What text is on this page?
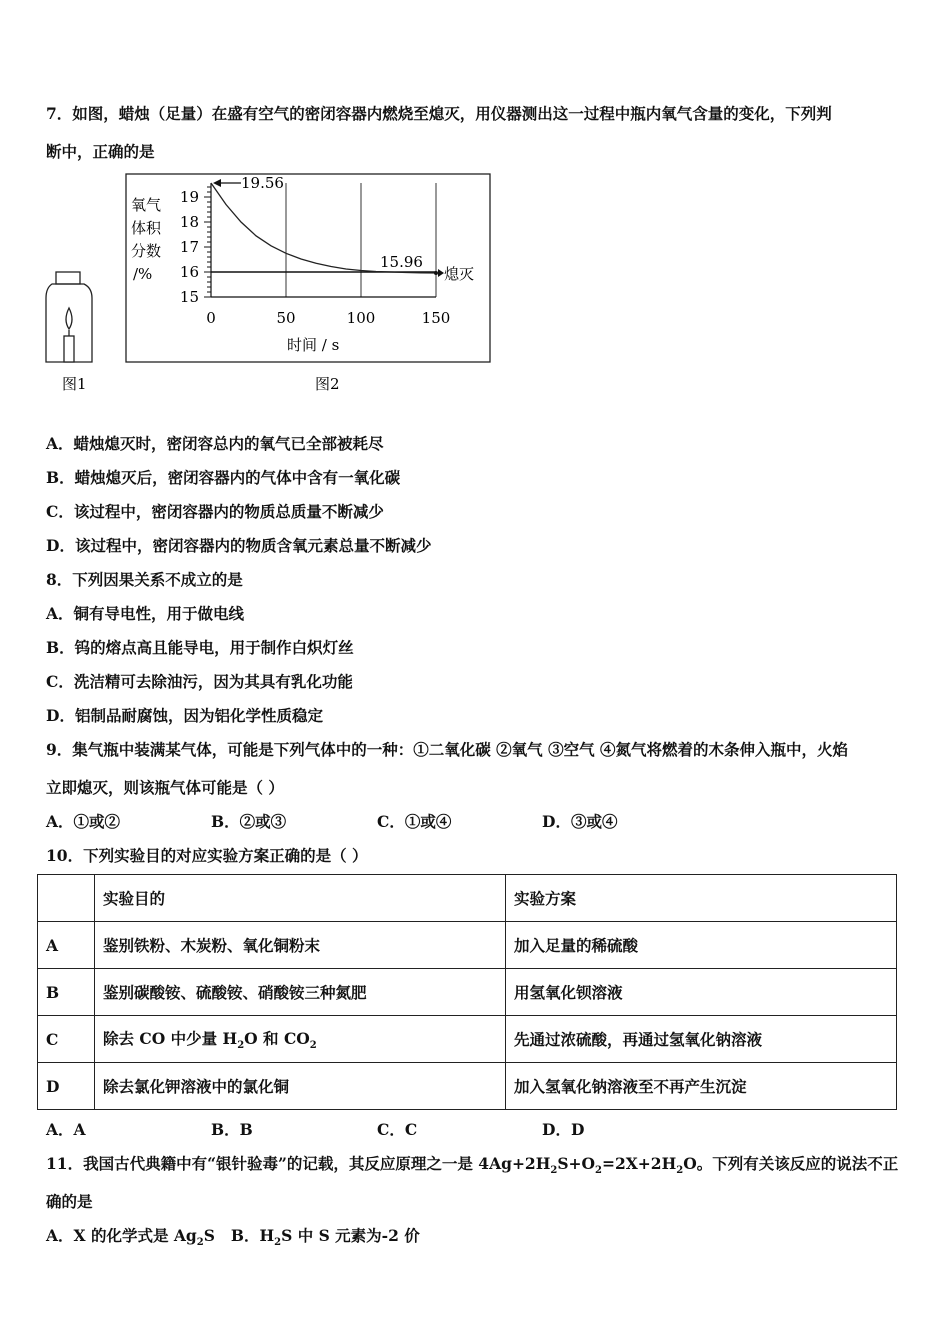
7．如图，蜡烛（足量）在盛有空气的密闭容器内燃烧至熄灭，用仪器测出这一过程中瓶内氧气含量的变化，下列判
断中，正确的是
图1	图2
氧气
体积
分数
/%
15
16
17
18
19
0	50	100	150
19.56
15.96
熄灭
时间 / s
A．蜡烛熄灭时，密闭容总内的氧气已全部被耗尽
B．蜡烛熄灭后，密闭容器内的气体中含有一氧化碳
C．该过程中，密闭容器内的物质总质量不断减少
D．该过程中，密闭容器内的物质含氧元素总量不断减少
8．下列因果关系不成立的是
A．铜有导电性，用于做电线
B．钨的熔点高且能导电，用于制作白炽灯丝
C．洗洁精可去除油污，因为其具有乳化功能
D．铝制品耐腐蚀，因为铝化学性质稳定
9．集气瓶中装满某气体，可能是下列气体中的一种：①二氧化碳 ②氧气 ③空气 ④氮气将燃着的木条伸入瓶中，火焰
立即熄灭，则该瓶气体可能是（ ）
A．①或②	B．②或③	C．①或④	D．③或④
10．下列实验目的对应实验方案正确的是（ ）
	实验目的	实验方案
A	鉴别铁粉、木炭粉、氧化铜粉末	加入足量的稀硫酸
B	鉴别碳酸铵、硫酸铵、硝酸铵三种氮肥	用氢氧化钡溶液
C	除去 CO 中少量 $H_2O$ 和 $CO_2$	先通过浓硫酸，再通过氢氧化钠溶液
D	除去氯化钾溶液中的氯化铜	加入氢氧化钠溶液至不再产生沉淀
A．A	B．B	C．C	D．D
11．我国古代典籍中有“银针验毒”的记载，其反应原理之一是 $4Ag+2H_2S+O_2=2X+2H_2O$。下列有关该反应的说法不正
确的是
A．X 的化学式是 $Ag_2S$ B．$H_2S$ 中 S 元素为-2 价
